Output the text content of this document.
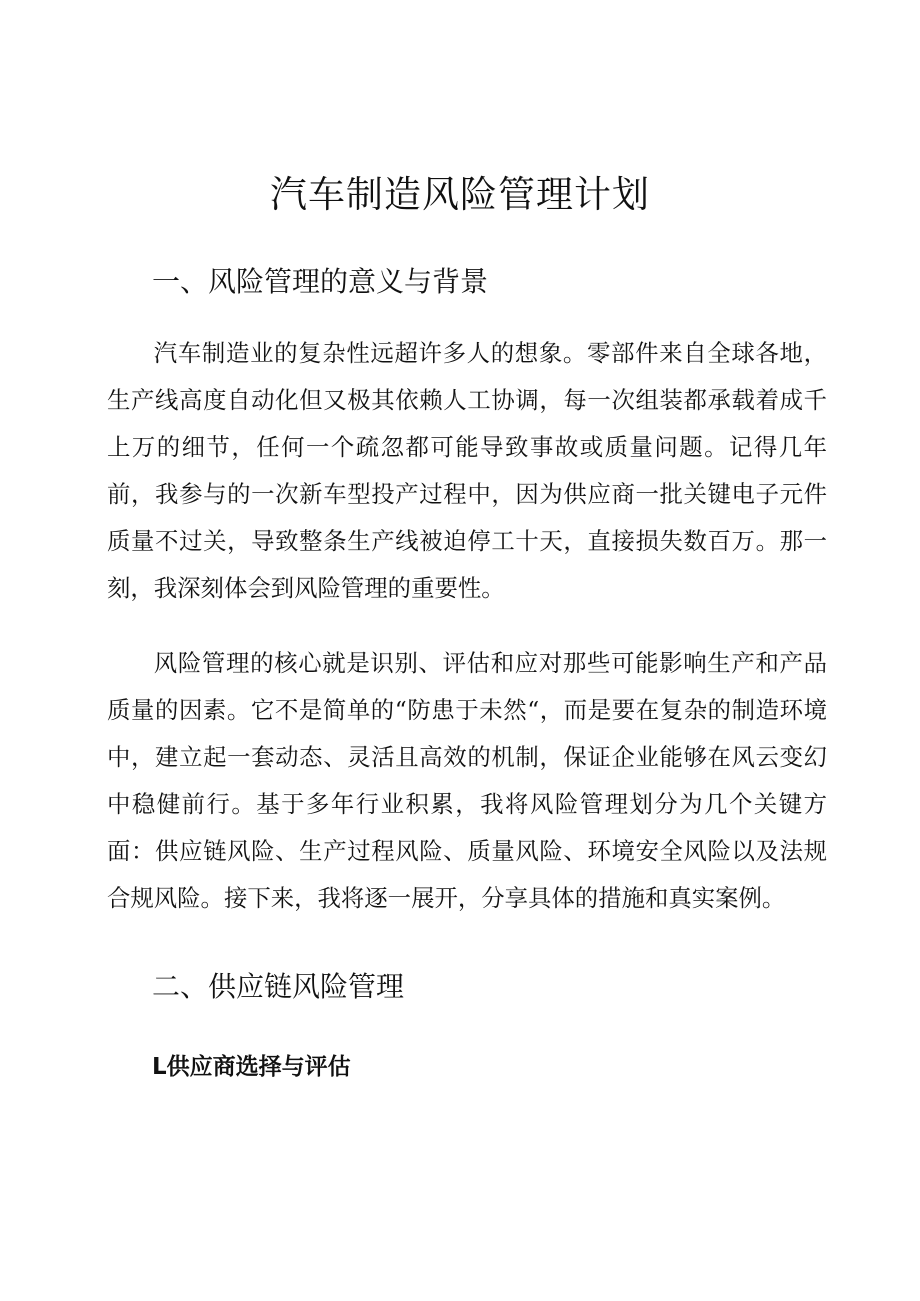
汽车制造风险管理计划
一、风险管理的意义与背景

汽车制造业的复杂性远超许多人的想象。零部件来自全球各地，生产线高度自动化但又极其依赖人工协调，每一次组装都承载着成千上万的细节，任何一个疏忽都可能导致事故或质量问题。记得几年前，我参与的一次新车型投产过程中，因为供应商一批关键电子元件质量不过关，导致整条生产线被迫停工十天，直接损失数百万。那一刻，我深刻体会到风险管理的重要性。

风险管理的核心就是识别、评估和应对那些可能影响生产和产品质量的因素。它不是简单的“防患于未然“，而是要在复杂的制造环境中，建立起一套动态、灵活且高效的机制，保证企业能够在风云变幻中稳健前行。基于多年行业积累，我将风险管理划分为几个关键方面：供应链风险、生产过程风险、质量风险、环境安全风险以及法规合规风险。接下来，我将逐一展开，分享具体的措施和真实案例。

二、供应链风险管理
L供应商选择与评估
